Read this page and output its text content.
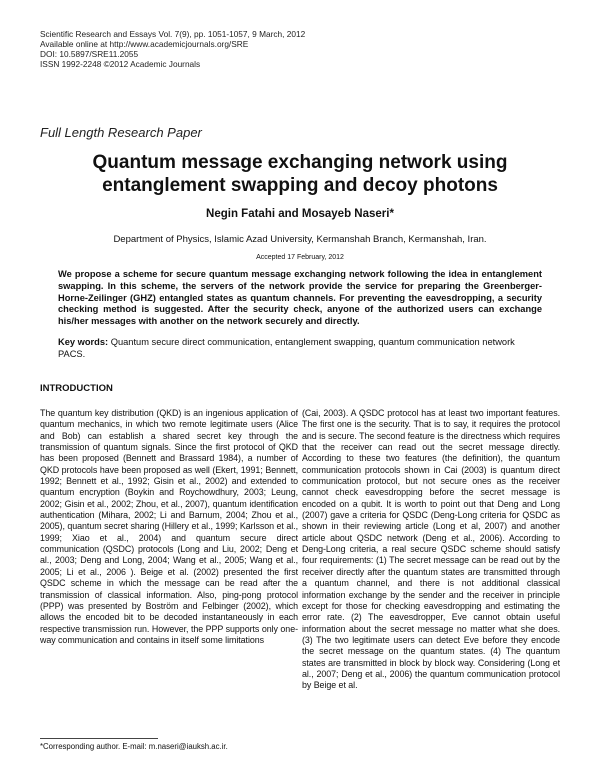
Scientific Research and Essays Vol. 7(9), pp. 1051-1057, 9 March, 2012
Available online at http://www.academicjournals.org/SRE
DOI: 10.5897/SRE11.2055
ISSN 1992-2248 ©2012 Academic Journals
Full Length Research Paper
Quantum message exchanging network using entanglement swapping and decoy photons
Negin Fatahi and Mosayeb Naseri*
Department of Physics, Islamic Azad University, Kermanshah Branch, Kermanshah, Iran.
Accepted 17 February, 2012
We propose a scheme for secure quantum message exchanging network following the idea in entanglement swapping. In this scheme, the servers of the network provide the service for preparing the Greenberger-Horne-Zeilinger (GHZ) entangled states as quantum channels. For preventing the eavesdropping, a security checking method is suggested. After the security check, anyone of the authorized users can exchange his/her messages with another on the network securely and directly.
Key words: Quantum secure direct communication, entanglement swapping, quantum communication network PACS.
INTRODUCTION

The quantum key distribution (QKD) is an ingenious application of quantum mechanics, in which two remote legitimate users (Alice and Bob) can establish a shared secret key through the transmission of quantum signals. Since the first protocol of QKD has been proposed (Bennett and Brassard 1984), a number of QKD protocols have been proposed as well (Ekert, 1991; Bennett, 1992; Bennett et al., 1992; Gisin et al., 2002) and extended to quantum encryption (Boykin and Roychowdhury, 2003; Leung, 2002; Gisin et al., 2002; Zhou, et al., 2007), quantum identification authentication (Mihara, 2002; Li and Barnum, 2004; Zhou et al., 2005), quantum secret sharing (Hillery et al., 1999; Karlsson et al., 1999; Xiao et al., 2004) and quantum secure direct communication (QSDC) protocols (Long and Liu, 2002; Deng et al., 2003; Deng and Long, 2004; Wang et al., 2005; Wang et al., 2005; Li et al., 2006 ). Beige et al. (2002) presented the first QSDC scheme in which the message can be read after the transmission of classical information. Also, ping-pong protocol (PPP) was presented by Boström and Felbinger (2002), which allows the encoded bit to be decoded instantaneously in each respective transmission run. However, the PPP supports only one-way communication and contains in itself some limitations

(Cai, 2003). A QSDC protocol has at least two important features. The first one is the security. That is to say, it requires the protocol and is secure. The second feature is the directness which requires that the receiver can read out the secret message directly. According to these two features (the definition), the quantum communication protocols shown in Cai (2003) is quantum direct communication protocol, but not secure ones as the receiver cannot check eavesdropping before the secret message is encoded on a qubit. It is worth to point out that Deng and Long (2007) gave a criteria for QSDC (Deng-Long criteria for QSDC as shown in their reviewing article (Long et al, 2007) and another article about QSDC network (Deng et al., 2006). According to Deng-Long criteria, a real secure QSDC scheme should satisfy four requirements: (1) The secret message can be read out by the receiver directly after the quantum states are transmitted through a quantum channel, and there is not additional classical information exchange by the sender and the receiver in principle except for those for checking eavesdropping and estimating the error rate. (2) The eavesdropper, Eve cannot obtain useful information about the secret message no matter what she does. (3) The two legitimate users can detect Eve before they encode the secret message on the quantum states. (4) The quantum states are transmitted in block by block way. Considering (Long et al., 2007; Deng et al., 2006) the quantum communication protocol by Beige et al.

*Corresponding author. E-mail: m.naseri@iauksh.ac.ir.
